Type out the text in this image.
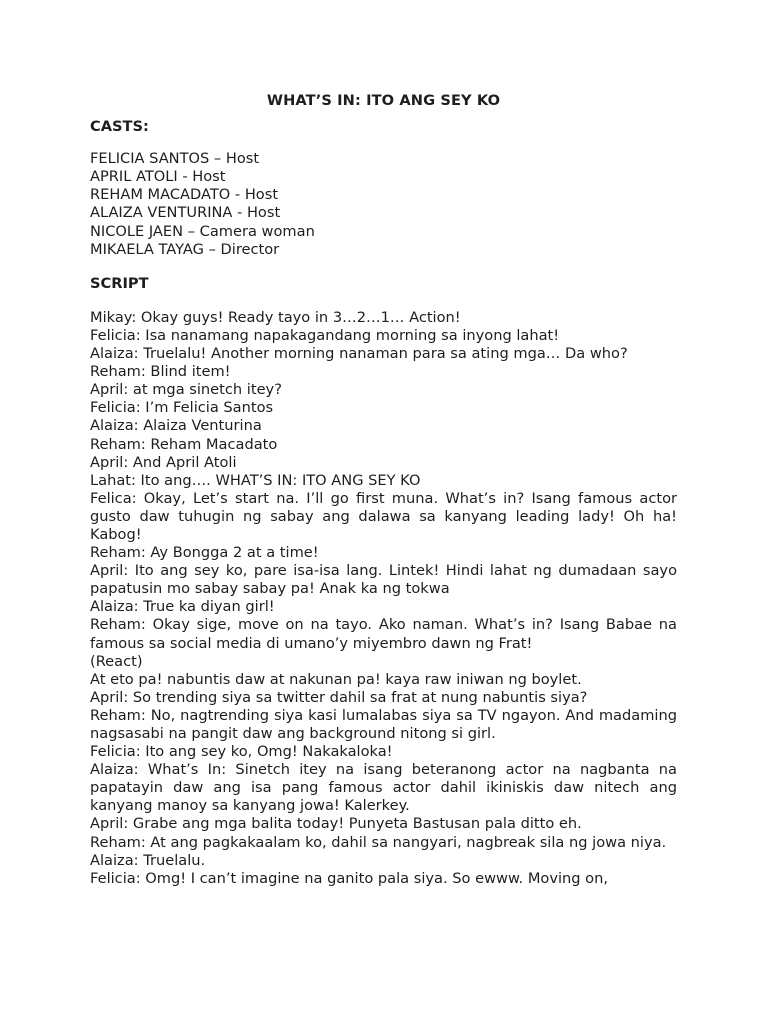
WHAT’S IN: ITO ANG SEY KO
CASTS:
FELICIA SANTOS – Host
APRIL ATOLI - Host
REHAM MACADATO - Host
ALAIZA VENTURINA - Host
NICOLE JAEN – Camera woman
MIKAELA TAYAG – Director
SCRIPT
Mikay: Okay guys! Ready tayo in 3…2…1… Action!
Felicia: Isa nanamang napakagandang morning sa inyong lahat!
Alaiza: Truelalu! Another morning nanaman para sa ating mga… Da who?
Reham: Blind item!
April: at mga sinetch itey?
Felicia: I’m Felicia Santos
Alaiza: Alaiza Venturina
Reham: Reham Macadato
April: And April Atoli
Lahat: Ito ang…. WHAT’S IN: ITO ANG SEY KO
Felica: Okay, Let’s start na. I’ll go first muna. What’s in? Isang famous actor gusto daw tuhugin ng sabay ang dalawa sa kanyang leading lady! Oh ha! Kabog!
Reham: Ay Bongga 2 at a time!
April: Ito ang sey ko, pare isa-isa lang. Lintek! Hindi lahat ng dumadaan sayo papatusin mo sabay sabay pa! Anak ka ng tokwa
Alaiza: True ka diyan girl!
Reham: Okay sige, move on na tayo. Ako naman. What’s in? Isang Babae na famous sa social media di umano’y miyembro dawn ng Frat!
(React)
At eto pa! nabuntis daw at nakunan pa! kaya raw iniwan ng boylet.
April: So trending siya sa twitter dahil sa frat at nung nabuntis siya?
Reham: No, nagtrending siya kasi lumalabas siya sa TV ngayon. And madaming nagsasabi na pangit daw ang background nitong si girl.
Felicia: Ito ang sey ko, Omg! Nakakaloka!
Alaiza: What’s In: Sinetch itey na isang beteranong actor na nagbanta na papatayin daw ang isa pang famous actor dahil ikiniskis daw nitech ang kanyang manoy sa kanyang jowa! Kalerkey.
April: Grabe ang mga balita today! Punyeta Bastusan pala ditto eh.
Reham: At ang pagkakaalam ko, dahil sa nangyari, nagbreak sila ng jowa niya.
Alaiza: Truelalu.
Felicia: Omg! I can’t imagine na ganito pala siya. So ewww. Moving on,
